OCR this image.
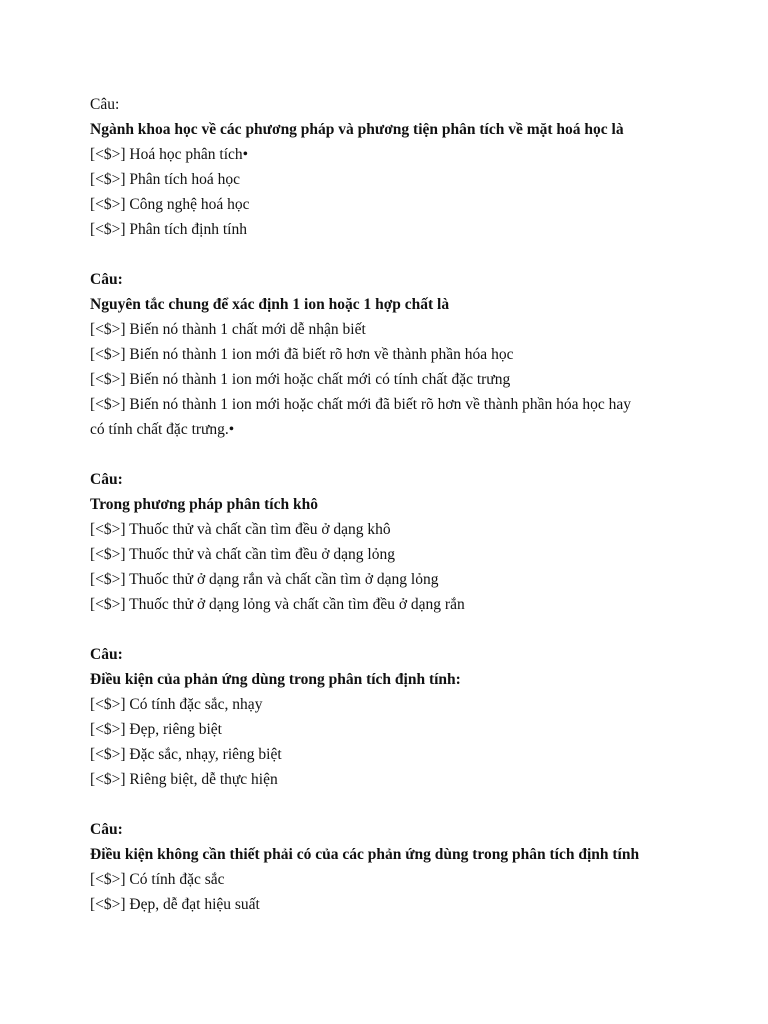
Câu:
Ngành khoa học về các phương pháp và phương tiện phân tích về mặt hoá học là
[<$>] Hoá học phân tích•
[<$>] Phân tích hoá học
[<$>] Công nghệ hoá học
[<$>] Phân tích định tính
Câu:
Nguyên tắc chung để xác định 1 ion hoặc 1 hợp chất là
[<$>] Biến nó thành 1 chất mới dễ nhận biết
[<$>] Biến nó thành 1 ion mới đã biết rõ hơn về thành phần hóa học
[<$>] Biến nó thành 1 ion mới hoặc chất mới có tính chất đặc trưng
[<$>] Biến nó thành 1 ion mới hoặc chất mới đã biết rõ hơn về thành phần hóa học hay
có tính chất đặc trưng.•
Câu:
Trong phương pháp phân tích khô
[<$>] Thuốc thử và chất cần tìm đều ở dạng khô
[<$>] Thuốc thử và chất cần tìm đều ở dạng lỏng
[<$>] Thuốc thử ở dạng rắn và chất cần tìm ở dạng lỏng
[<$>] Thuốc thử ở dạng lỏng và chất cần tìm đều ở dạng rắn
Câu:
Điều kiện của phản ứng dùng trong phân tích định tính:
[<$>] Có tính đặc sắc, nhạy
[<$>] Đẹp, riêng biệt
[<$>] Đặc sắc, nhạy, riêng biệt
[<$>] Riêng biệt, dễ thực hiện
Câu:
Điều kiện không cần thiết phải có của các phản ứng dùng trong phân tích định tính
[<$>] Có tính đặc sắc
[<$>] Đẹp, dễ đạt hiệu suất
